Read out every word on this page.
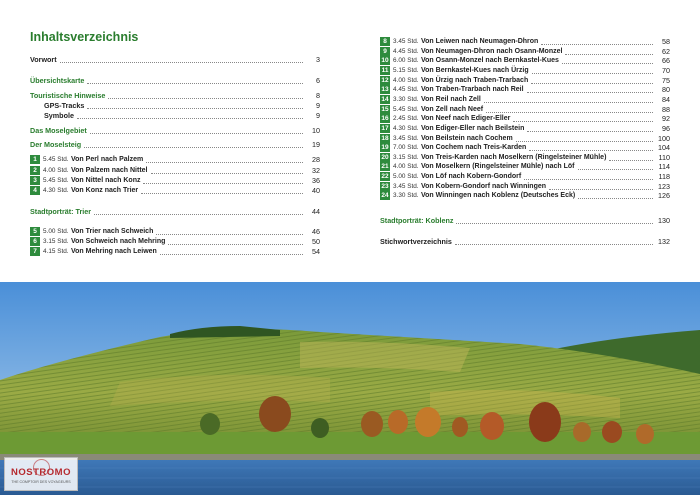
Inhaltsverzeichnis
Vorwort	3
Übersichtskarte	6
Touristische Hinweise	8
GPS-Tracks	9
Symbole	9
Das Moselgebiet	10
Der Moselsteig	19
1 5.45 Std. Von Perl nach Palzem	28
2 4.00 Std. Von Palzem nach Nittel	32
3 5.45 Std. Von Nittel nach Konz	36
4 4.30 Std. Von Konz nach Trier	40
Stadtporträt: Trier	44
5 5.00 Std. Von Trier nach Schweich	46
6 3.15 Std. Von Schweich nach Mehring	50
7 4.15 Std. Von Mehring nach Leiwen	54
24 3.30 Std. Von Winningen nach Koblenz (Deutsches Eck)	126
23 3.45 Std. Von Kobern-Gondorf nach Winningen	123
22 5.00 Std. Von Löf nach Kobern-Gondorf	118
21 4.00 Std. Von Moselkern (Ringelsteiner Mühle) nach Löf	114
20 3.15 Std. Von Treis-Karden nach Moselkern (Ringelsteiner Mühle)	110
19 7.00 Std. Von Cochem nach Treis-Karden	104
18 3.45 Std. Von Beilstein nach Cochem	100
17 4.30 Std. Von Ediger-Eller nach Beilstein	96
16 2.45 Std. Von Neef nach Ediger-Eller	92
15 5.45 Std. Von Zell nach Neef	88
14 3.30 Std. Von Reil nach Zell	84
13 4.45 Std. Von Traben-Trarbach nach Reil	80
12 4.00 Std. Von Ürzig nach Traben-Trarbach	75
11 5.15 Std. Von Bernkastel-Kues nach Ürzig	70
10 6.00 Std. Von Osann-Monzel nach Bernkastel-Kues	66
9 4.45 Std. Von Neumagen-Dhron nach Osann-Monzel	62
8 3.45 Std. Von Leiwen nach Neumagen-Dhron	58
Stadtporträt: Koblenz	130
Stichwortverzeichnis	132
NOSTROMO
THE COMPTOIR DES VOYAGEURS
